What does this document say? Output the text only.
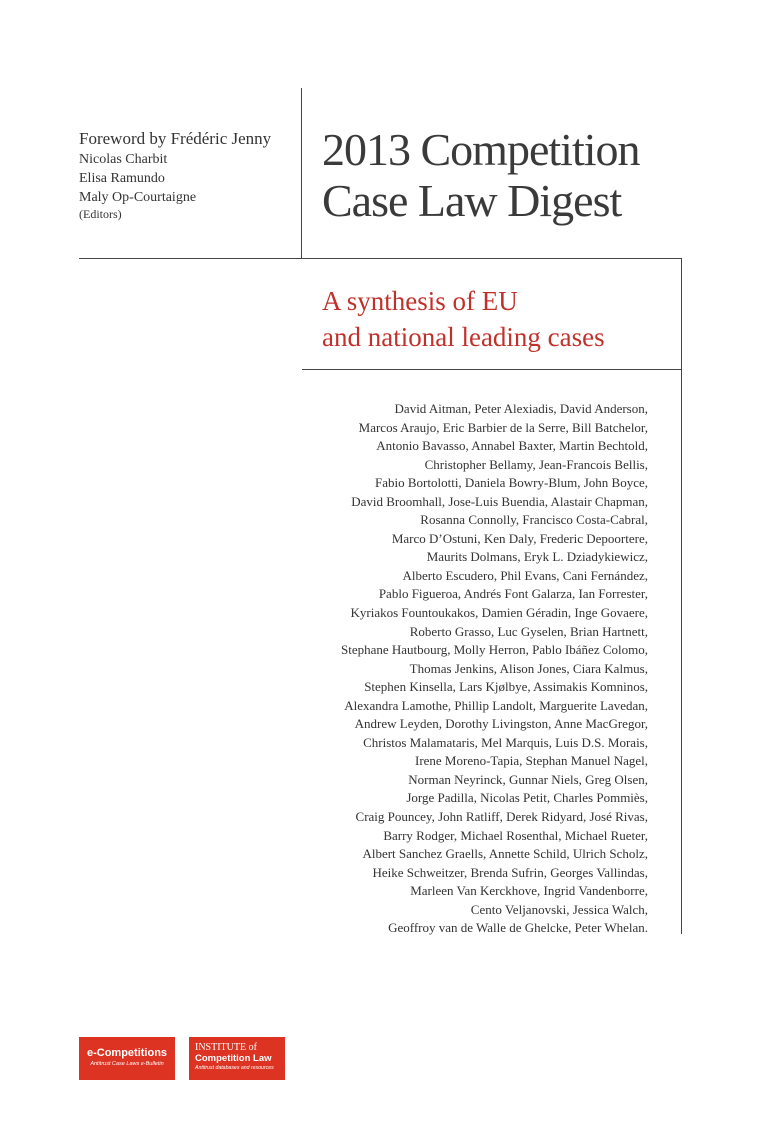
Foreword by Frédéric Jenny
Nicolas Charbit
Elisa Ramundo
Maly Op-Courtaigne
(Editors)
2013 Competition
Case Law Digest
A synthesis of EU
and national leading cases
David Aitman, Peter Alexiadis, David Anderson,
Marcos Araujo, Eric Barbier de la Serre, Bill Batchelor,
Antonio Bavasso, Annabel Baxter, Martin Bechtold,
Christopher Bellamy, Jean-Francois Bellis,
Fabio Bortolotti, Daniela Bowry-Blum, John Boyce,
David Broomhall, Jose-Luis Buendia, Alastair Chapman,
Rosanna Connolly, Francisco Costa-Cabral,
Marco D’Ostuni, Ken Daly, Frederic Depoortere,
Maurits Dolmans, Eryk L. Dziadykiewicz,
Alberto Escudero, Phil Evans, Cani Fernández,
Pablo Figueroa, Andrés Font Galarza, Ian Forrester,
Kyriakos Fountoukakos, Damien Géradin, Inge Govaere,
Roberto Grasso, Luc Gyselen, Brian Hartnett,
Stephane Hautbourg, Molly Herron, Pablo Ibáñez Colomo,
Thomas Jenkins, Alison Jones, Ciara Kalmus,
Stephen Kinsella, Lars Kjølbye, Assimakis Komninos,
Alexandra Lamothe, Phillip Landolt, Marguerite Lavedan,
Andrew Leyden, Dorothy Livingston, Anne MacGregor,
Christos Malamataris, Mel Marquis, Luis D.S. Morais,
Irene Moreno-Tapia, Stephan Manuel Nagel,
Norman Neyrinck, Gunnar Niels, Greg Olsen,
Jorge Padilla, Nicolas Petit, Charles Pommiès,
Craig Pouncey, John Ratliff, Derek Ridyard, José Rivas,
Barry Rodger, Michael Rosenthal, Michael Rueter,
Albert Sanchez Graells, Annette Schild, Ulrich Scholz,
Heike Schweitzer, Brenda Sufrin, Georges Vallindas,
Marleen Van Kerckhove, Ingrid Vandenborre,
Cento Veljanovski, Jessica Walch,
Geoffroy van de Walle de Ghelcke, Peter Whelan.
e-Competitions
Antitrust Case Laws e-Bulletin
INSTITUTE of
Competition Law
Antitrust databases and resources
